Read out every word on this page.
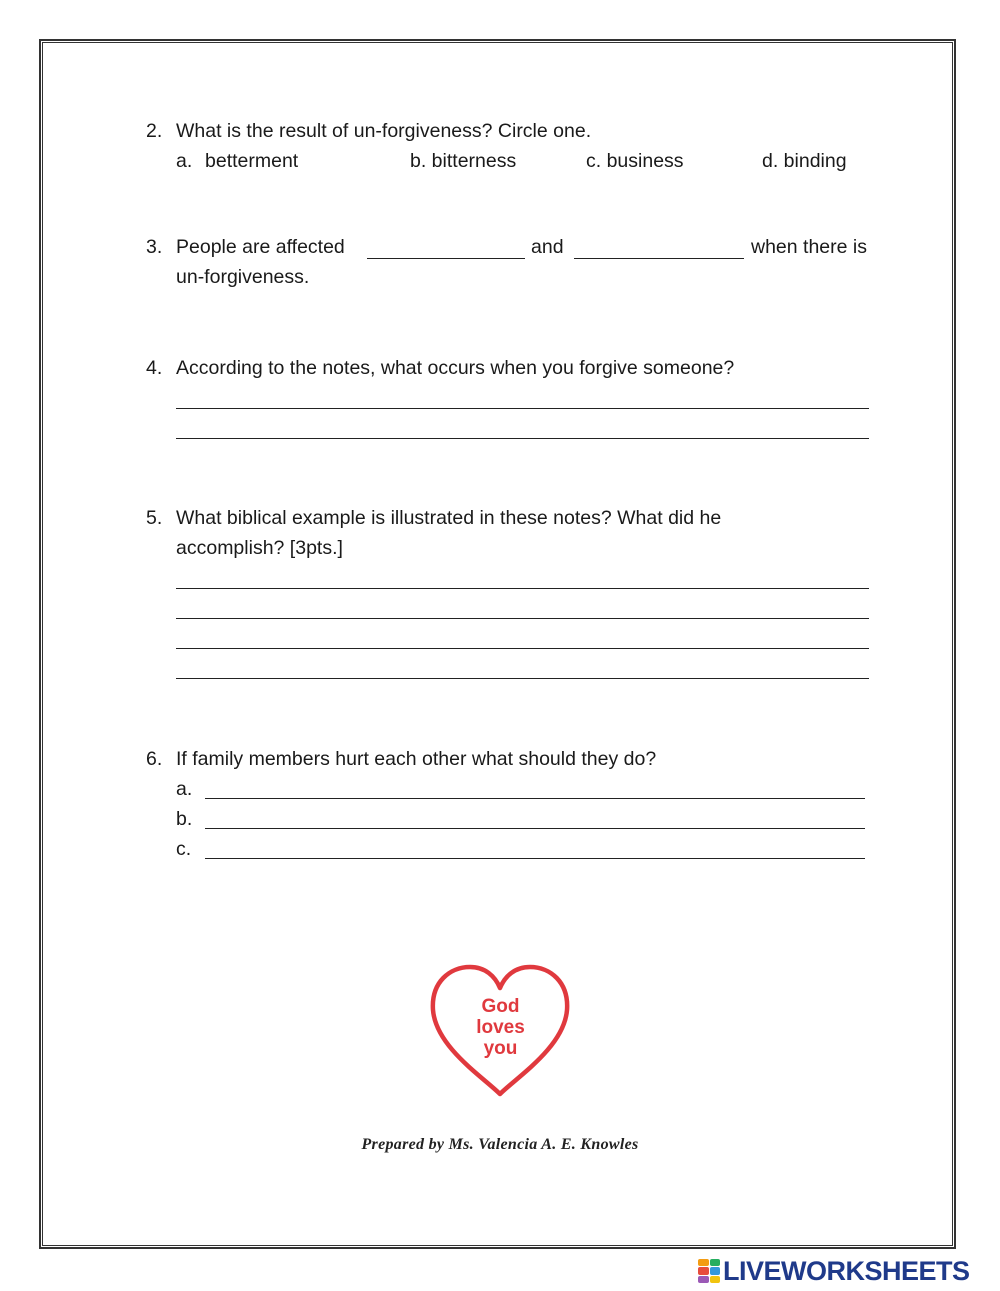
2. What is the result of un-forgiveness? Circle one.
a. betterment	b. bitterness	c. business	d. binding
3. People are affected	and	when there is
un-forgiveness.
4. According to the notes, what occurs when you forgive someone?
5. What biblical example is illustrated in these notes? What did he
accomplish? [3pts.]
6. If family members hurt each other what should they do?
a.
b.
c.
God
loves
you
Prepared by Ms. Valencia A. E. Knowles
LIVEWORKSHEETS
